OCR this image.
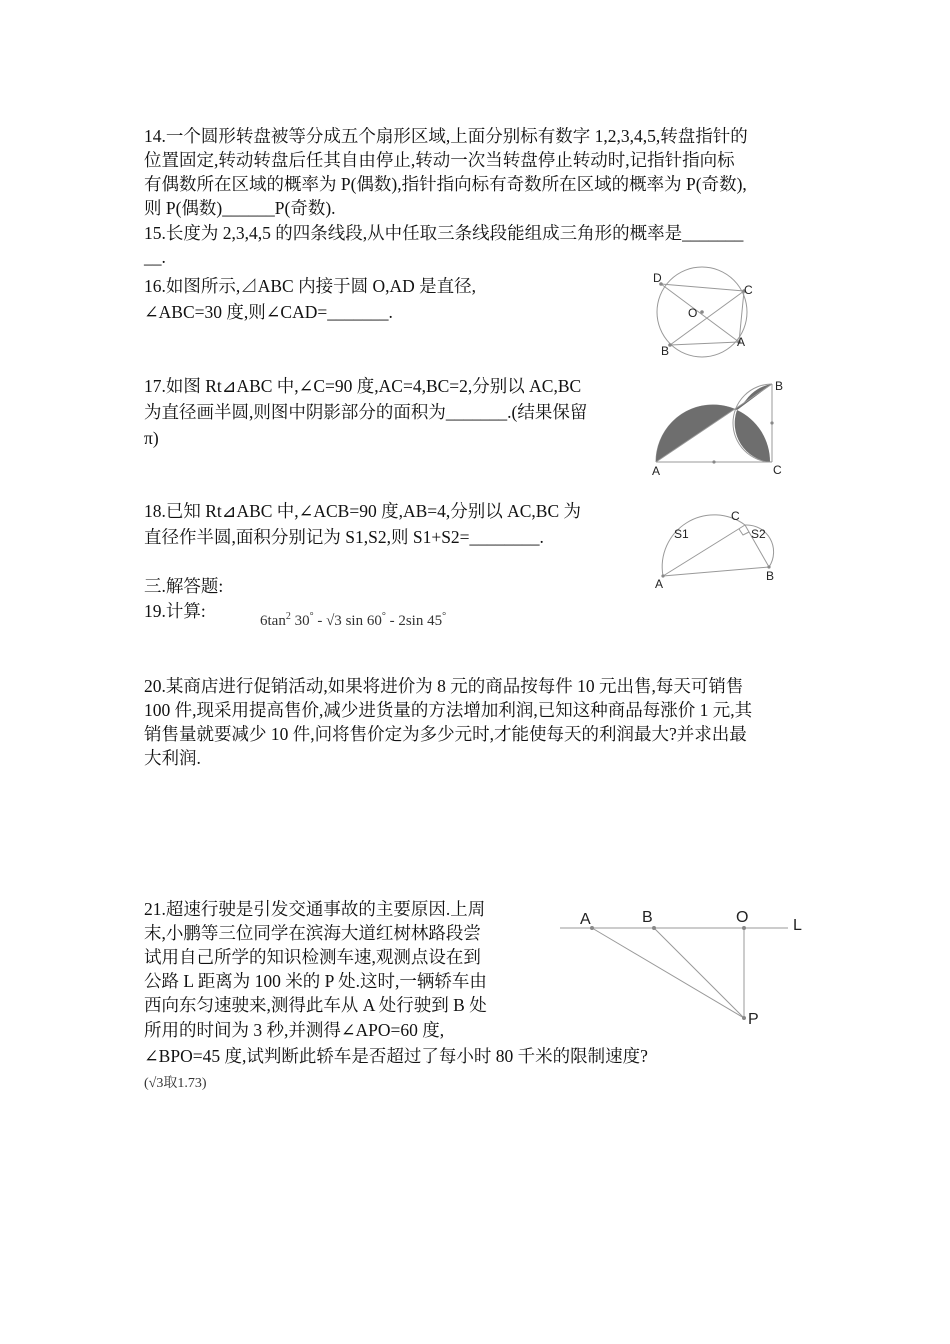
14.一个圆形转盘被等分成五个扇形区域,上面分别标有数字 1,2,3,4,5,转盘指针的
位置固定,转动转盘后任其自由停止,转动一次当转盘停止转动时,记指针指向标
有偶数所在区域的概率为 P(偶数),指针指向标有奇数所在区域的概率为 P(奇数),
则 P(偶数)______P(奇数).
15.长度为 2,3,4,5 的四条线段,从中任取三条线段能组成三角形的概率是_______
__.
16.如图所示,⊿ABC 内接于圆 O,AD 是直径,
∠ABC=30 度,则∠CAD=_______.
D
C
O
A
B
17.如图 Rt⊿ABC 中,∠C=90 度,AC=4,BC=2,分别以 AC,BC
为直径画半圆,则图中阴影部分的面积为_______.(结果保留
π)
B
A	C
18.已知 Rt⊿ABC 中,∠ACB=90 度,AB=4,分别以 AC,BC 为
直径作半圆,面积分别记为 S1,S2,则 S1+S2=________.	S1	S2
C
A
B
三.解答题:
19.计算:	$6\tan^2$ 30° - √3 sin 60° - 2sin 45°
20.某商店进行促销活动,如果将进价为 8 元的商品按每件 10 元出售,每天可销售
100 件,现采用提高售价,减少进货量的方法增加利润,已知这种商品每涨价 1 元,其
销售量就要减少 10 件,问将售价定为多少元时,才能使每天的利润最大?并求出最
大利润.
21.超速行驶是引发交通事故的主要原因.上周
末,小鹏等三位同学在滨海大道红树林路段尝
试用自己所学的知识检测车速,观测点设在到
公路 L 距离为 100 米的 P 处.这时,一辆轿车由
西向东匀速驶来,测得此车从 A 处行驶到 B 处
所用的时间为 3 秒,并测得∠APO=60 度,
∠BPO=45 度,试判断此轿车是否超过了每小时 80 千米的限制速度?
(√3取1.73)
A	B	O	L
P
